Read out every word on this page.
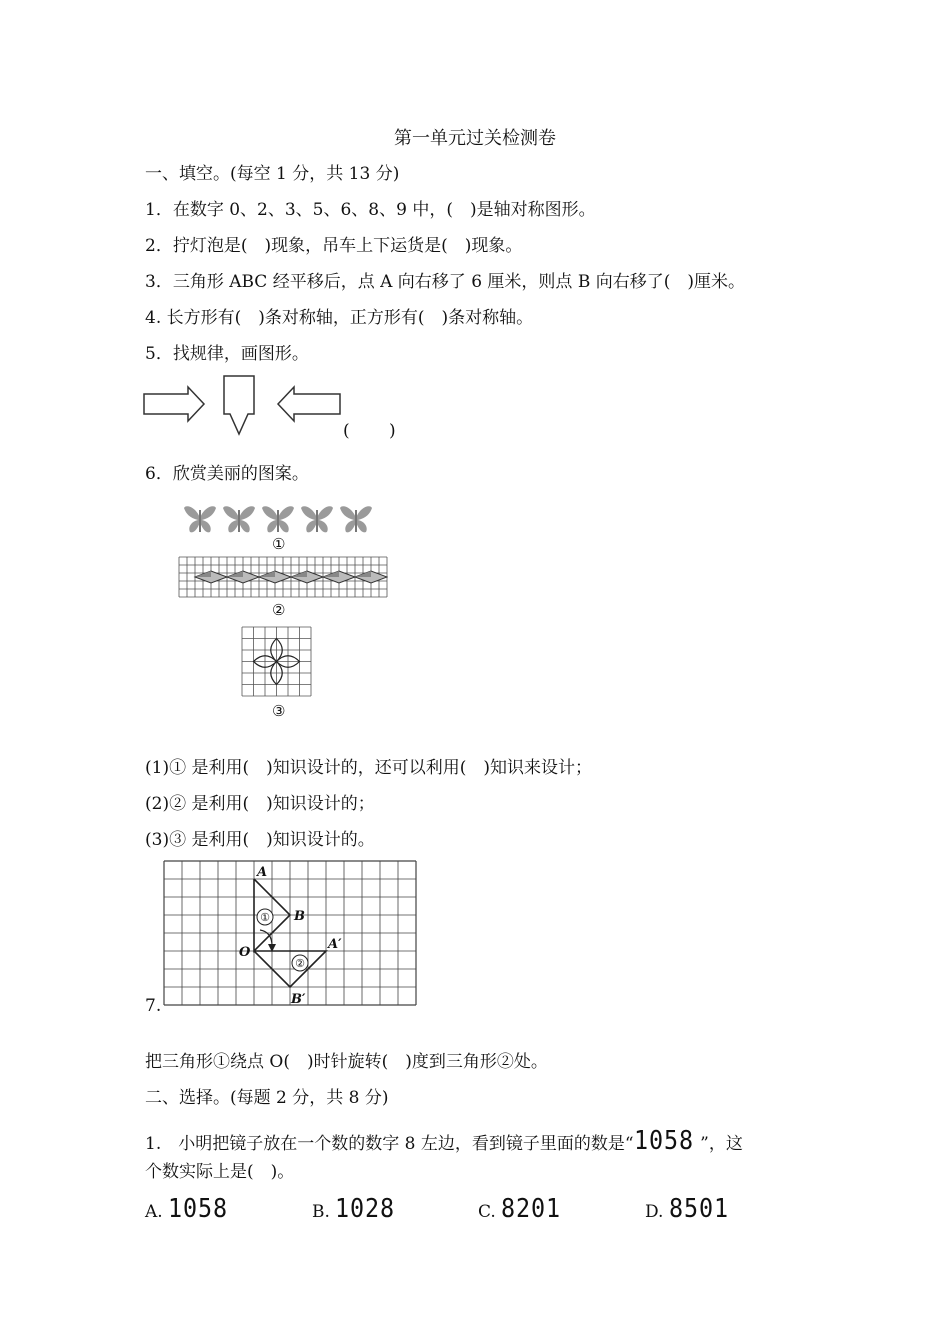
第一单元过关检测卷
一、填空。(每空 1 分，共 13 分)
1．在数字 0、2、3、5、6、8、9 中，(　)是轴对称图形。
2．拧灯泡是(　)现象，吊车上下运货是(　)现象。
3．三角形 ABC 经平移后，点 A 向右移了 6 厘米，则点 B 向右移了(　)厘米。
4. 长方形有(　)条对称轴，正方形有(　)条对称轴。
5．找规律，画图形。
(　　 )
6．欣赏美丽的图案。
①
②
③
(1)① 是利用(　)知识设计的，还可以利用(　)知识来设计；
(2)② 是利用(　)知识设计的；
(3)③ 是利用(　)知识设计的。
A
B
O
A′
B′
①
②
7.
把三角形①绕点 O(　)时针旋转(　)度到三角形②处。
二、选择。(每题 2 分，共 8 分)
1.　小明把镜子放在一个数的数字 8 左边，看到镜子里面的数是“1058 ”，这
个数实际上是(　)。
A. 1058	B. 1028	C. 8201	D. 8501
